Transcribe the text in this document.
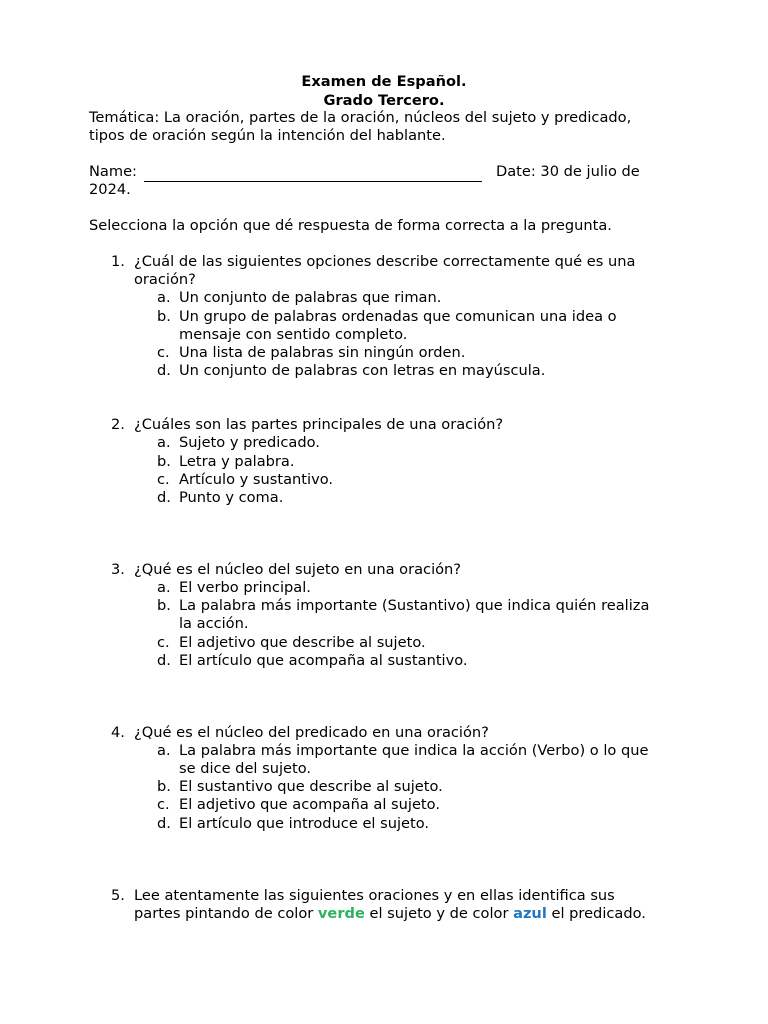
Examen de Español.
Grado Tercero.
Temática: La oración, partes de la oración, núcleos del sujeto y predicado,
tipos de oración según la intención del hablante.
Name:	Date: 30 de julio de
2024.
Selecciona la opción que dé respuesta de forma correcta a la pregunta.
1. ¿Cuál de las siguientes opciones describe correctamente qué es una
oración?
a. Un conjunto de palabras que riman.
b. Un grupo de palabras ordenadas que comunican una idea o
mensaje con sentido completo.
c. Una lista de palabras sin ningún orden.
d. Un conjunto de palabras con letras en mayúscula.
2. ¿Cuáles son las partes principales de una oración?
a. Sujeto y predicado.
b. Letra y palabra.
c. Artículo y sustantivo.
d. Punto y coma.
3. ¿Qué es el núcleo del sujeto en una oración?
a. El verbo principal.
b. La palabra más importante (Sustantivo) que indica quién realiza
la acción.
c. El adjetivo que describe al sujeto.
d. El artículo que acompaña al sustantivo.
4. ¿Qué es el núcleo del predicado en una oración?
a. La palabra más importante que indica la acción (Verbo) o lo que
se dice del sujeto.
b. El sustantivo que describe al sujeto.
c. El adjetivo que acompaña al sujeto.
d. El artículo que introduce el sujeto.
5. Lee atentamente las siguientes oraciones y en ellas identifica sus
partes pintando de color verde el sujeto y de color azul el predicado.
